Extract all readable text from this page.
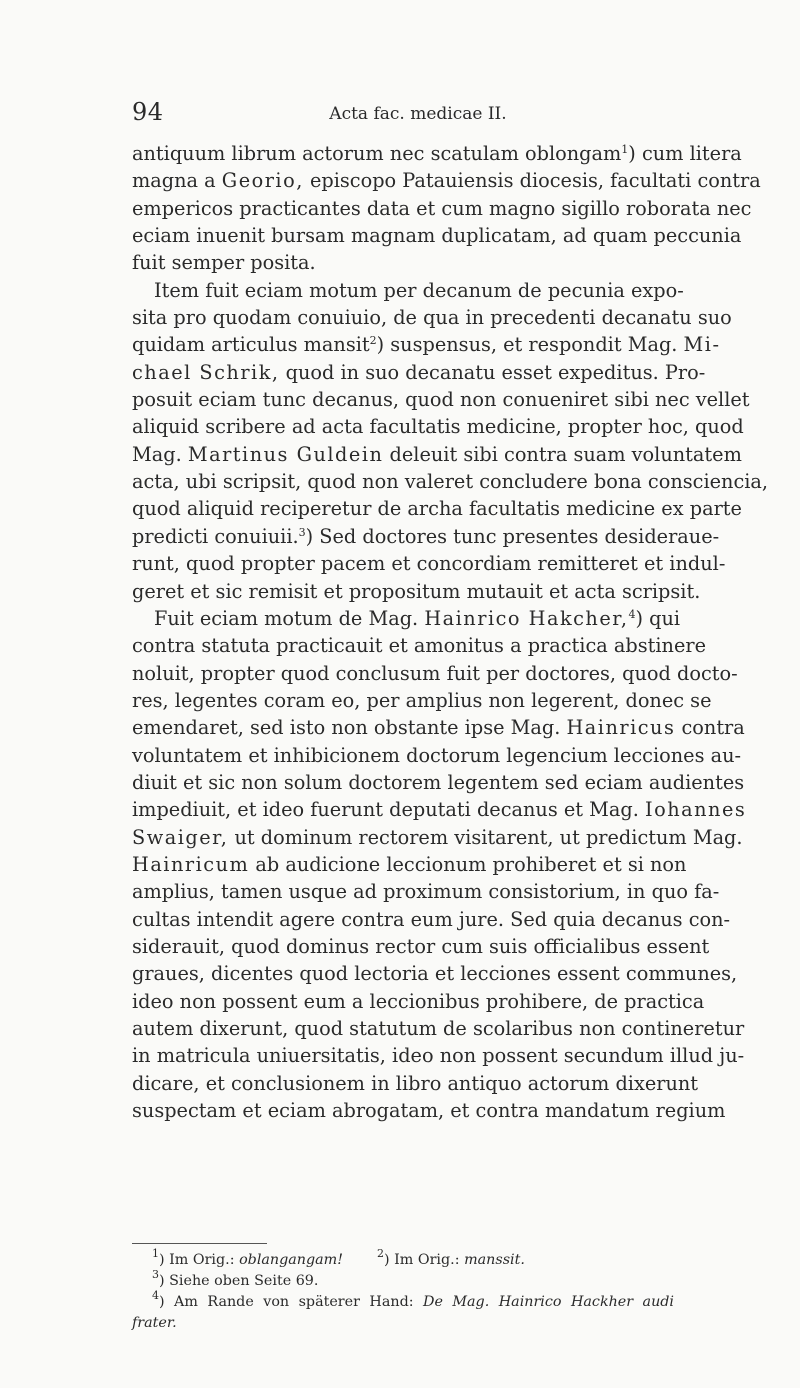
94	Acta fac. medicae II.
antiquum librum actorum nec scatulam oblongam$^1$) cum litera
magna a Georio, episcopo Patauiensis diocesis, facultati contra
empericos practicantes data et cum magno sigillo roborata nec
eciam inuenit bursam magnam duplicatam, ad quam peccunia
fuit semper posita.
Item fuit eciam motum per decanum de pecunia expo-
sita pro quodam conuiuio, de qua in precedenti decanatu suo
quidam articulus mansit$^2$) suspensus, et respondit Mag. Mi-
chael Schrik, quod in suo decanatu esset expeditus. Pro-
posuit eciam tunc decanus, quod non conueniret sibi nec vellet
aliquid scribere ad acta facultatis medicine, propter hoc, quod
Mag. Martinus Guldein deleuit sibi contra suam voluntatem
acta, ubi scripsit, quod non valeret concludere bona consciencia,
quod aliquid reciperetur de archa facultatis medicine ex parte
predicti conuiuii.$^3$) Sed doctores tunc presentes desideraue-
runt, quod propter pacem et concordiam remitteret et indul-
geret et sic remisit et propositum mutauit et acta scripsit.
Fuit eciam motum de Mag. Hainrico Hakcher,$^4$) qui
contra statuta practicauit et amonitus a practica abstinere
noluit, propter quod conclusum fuit per doctores, quod docto-
res, legentes coram eo, per amplius non legerent, donec se
emendaret, sed isto non obstante ipse Mag. Hainricus contra
voluntatem et inhibicionem doctorum legencium lecciones au-
diuit et sic non solum doctorem legentem sed eciam audientes
impediuit, et ideo fuerunt deputati decanus et Mag. Iohannes
Swaiger, ut dominum rectorem visitarent, ut predictum Mag.
Hainricum ab audicione leccionum prohiberet et si non
amplius, tamen usque ad proximum consistorium, in quo fa-
cultas intendit agere contra eum jure. Sed quia decanus con-
siderauit, quod dominus rector cum suis officialibus essent
graues, dicentes quod lectoria et lecciones essent communes,
ideo non possent eum a leccionibus prohibere, de practica
autem dixerunt, quod statutum de scolaribus non contineretur
in matricula uniuersitatis, ideo non possent secundum illud ju-
dicare, et conclusionem in libro antiquo actorum dixerunt
suspectam et eciam abrogatam, et contra mandatum regium
$^1$) Im Orig.: oblangangam!	$^2$) Im Orig.: manssit.
$^3$) Siehe oben Seite 69.
$^4$) Am Rande von späterer Hand: De Mag. Hainrico Hackher audi
frater.
